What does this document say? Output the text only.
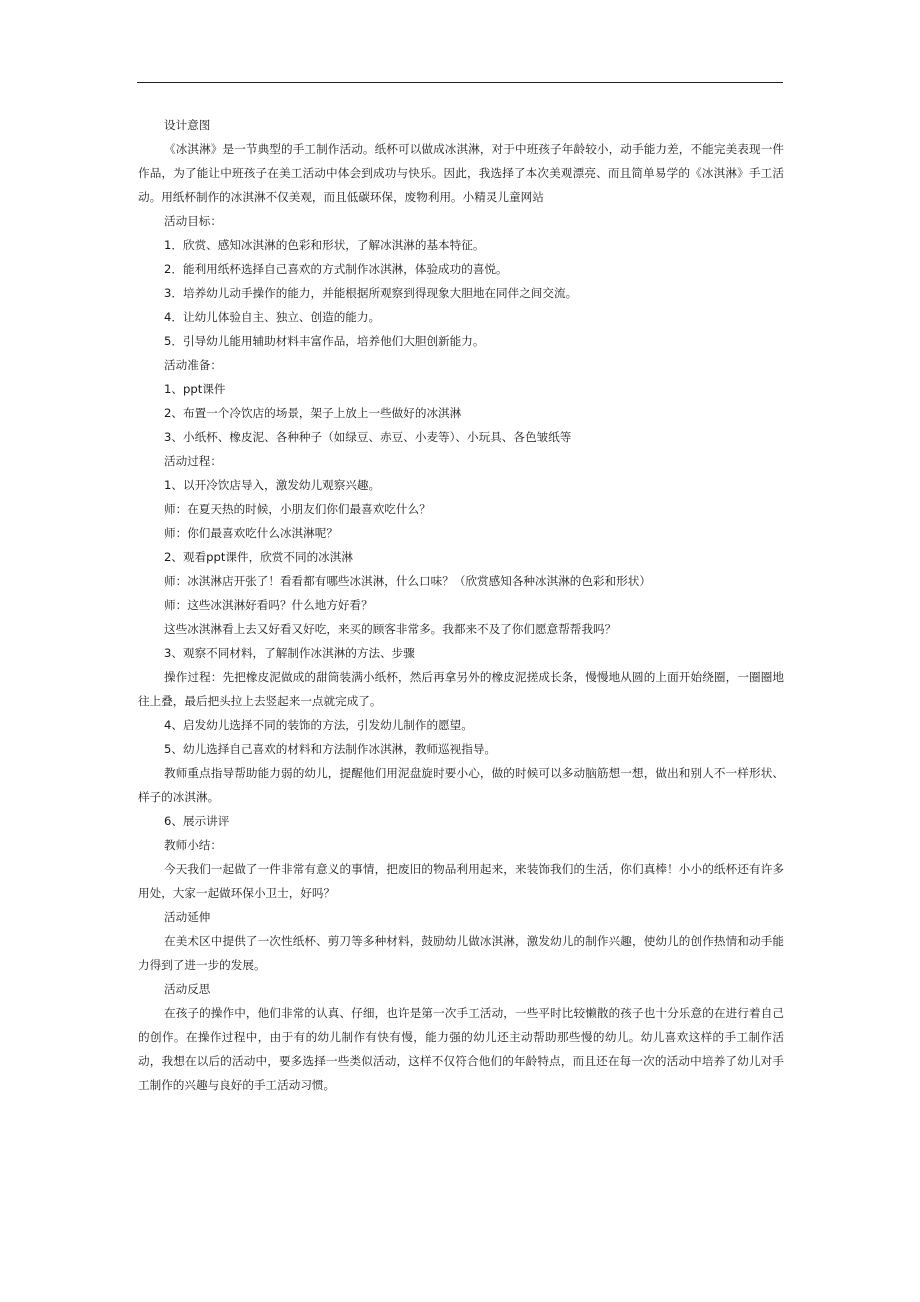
设计意图

《冰淇淋》是一节典型的手工制作活动。纸杯可以做成冰淇淋，对于中班孩子年龄较小，动手能力差，不能完美表现一件作品，为了能让中班孩子在美工活动中体会到成功与快乐。因此，我选择了本次美观漂亮、而且简单易学的《冰淇淋》手工活动。用纸杯制作的冰淇淋不仅美观，而且低碳环保，废物利用。小精灵儿童网站

活动目标：

1．欣赏、感知冰淇淋的色彩和形状，了解冰淇淋的基本特征。

2．能利用纸杯选择自己喜欢的方式制作冰淇淋，体验成功的喜悦。

3．培养幼儿动手操作的能力，并能根据所观察到得现象大胆地在同伴之间交流。

4．让幼儿体验自主、独立、创造的能力。

5．引导幼儿能用辅助材料丰富作品，培养他们大胆创新能力。

活动准备：

1、ppt课件

2、布置一个冷饮店的场景，架子上放上一些做好的冰淇淋

3、小纸杯、橡皮泥、各种种子（如绿豆、赤豆、小麦等）、小玩具、各色皱纸等

活动过程：

1、以开冷饮店导入，激发幼儿观察兴趣。

师：在夏天热的时候，小朋友们你们最喜欢吃什么？

师：你们最喜欢吃什么冰淇淋呢？

2、观看ppt课件，欣赏不同的冰淇淋

师：冰淇淋店开张了！看看都有哪些冰淇淋，什么口味？（欣赏感知各种冰淇淋的色彩和形状）

师：这些冰淇淋好看吗？什么地方好看？

这些冰淇淋看上去又好看又好吃，来买的顾客非常多。我都来不及了你们愿意帮帮我吗？

3、观察不同材料，了解制作冰淇淋的方法、步骤

操作过程：先把橡皮泥做成的甜筒装满小纸杯，然后再拿另外的橡皮泥搓成长条，慢慢地从圆的上面开始绕圈，一圈圈地往上叠，最后把头拉上去竖起来一点就完成了。

4、启发幼儿选择不同的装饰的方法，引发幼儿制作的愿望。

5、幼儿选择自己喜欢的材料和方法制作冰淇淋，教师巡视指导。

教师重点指导帮助能力弱的幼儿，提醒他们用泥盘旋时要小心，做的时候可以多动脑筋想一想，做出和别人不一样形状、样子的冰淇淋。

6、展示讲评

教师小结：

今天我们一起做了一件非常有意义的事情，把废旧的物品利用起来，来装饰我们的生活，你们真棒！小小的纸杯还有许多用处，大家一起做环保小卫士，好吗？

活动延伸

在美术区中提供了一次性纸杯、剪刀等多种材料，鼓励幼儿做冰淇淋，激发幼儿的制作兴趣，使幼儿的创作热情和动手能力得到了进一步的发展。

活动反思

在孩子的操作中，他们非常的认真、仔细，也许是第一次手工活动，一些平时比较懒散的孩子也十分乐意的在进行着自己的创作。在操作过程中，由于有的幼儿制作有快有慢，能力强的幼儿还主动帮助那些慢的幼儿。幼儿喜欢这样的手工制作活动，我想在以后的活动中，要多选择一些类似活动，这样不仅符合他们的年龄特点，而且还在每一次的活动中培养了幼儿对手工制作的兴趣与良好的手工活动习惯。
